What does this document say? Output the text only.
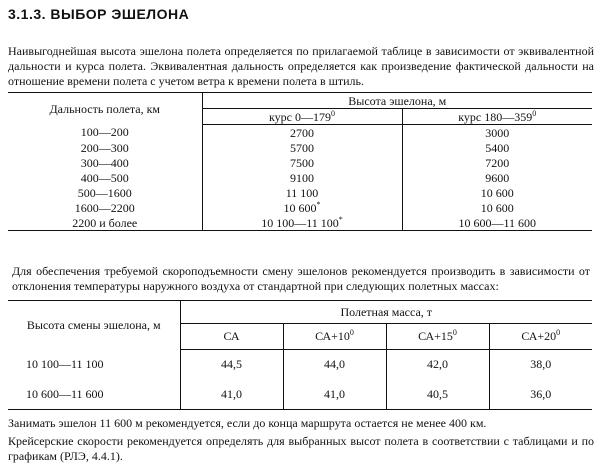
3.1.3. ВЫБОР ЭШЕЛОНА
Наивыгоднейшая высота эшелона полета определяется по прилагаемой таблице в зависимости от эквивалентной дальности и курса полета. Эквивалентная дальность определяется как произведение фактической дальности на отношение времени полета с учетом ветра к времени полета в штиль.
Дальность полета, км	Высота эшелона, м	
	курс $0—179^0$	курс $180—359^0$
100—200	2700	3000
200—300	5700	5400
300—400	7500	7200
400—500	9100	9600
500—1600	11 100	10 600
1600—2200	10 600*	10 600
2200 и более	10 100—11 100*	10 600—11 600
Для обеспечения требуемой скороподъемности смену эшелонов рекомендуется производить в зависимости от отклонения температуры наружного воздуха от стандартной при следующих полетных массах:
Высота смены эшелона, м	Полетная масса, т			
	СА	$СА+10^0$	$СА+15^0$	$СА+20^0$
10 100—11 100	44,5	44,0	42,0	38,0
10 600—11 600	41,0	41,0	40,5	36,0
Занимать эшелон 11 600 м рекомендуется, если до конца маршрута остается не менее 400 км.
Крейсерские скорости рекомендуется определять для выбранных высот полета в соответствии с таблицами и по графикам (РЛЭ, 4.4.1).
